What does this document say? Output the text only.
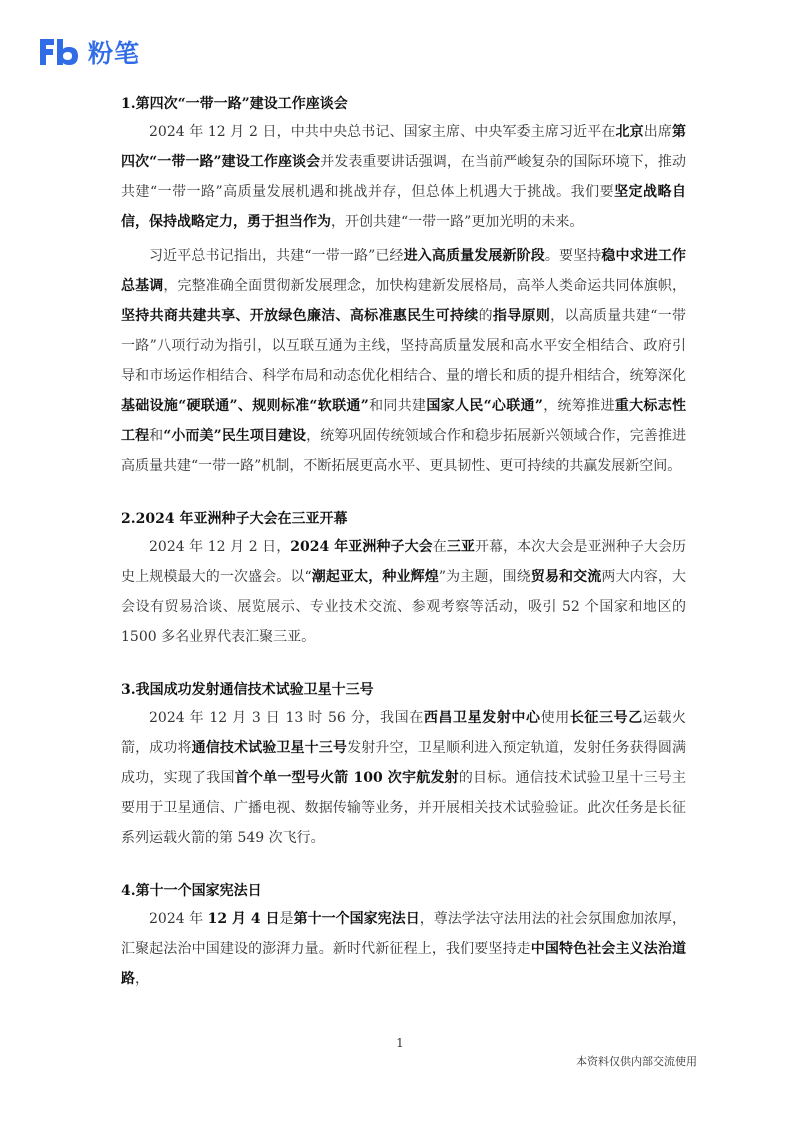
粉笔
1.第四次“一带一路”建设工作座谈会

2024 年 12 月 2 日，中共中央总书记、国家主席、中央军委主席习近平在北京出席第四次“一带一路”建设工作座谈会并发表重要讲话强调，在当前严峻复杂的国际环境下，推动共建“一带一路”高质量发展机遇和挑战并存，但总体上机遇大于挑战。我们要坚定战略自信，保持战略定力，勇于担当作为，开创共建“一带一路”更加光明的未来。

习近平总书记指出，共建“一带一路”已经进入高质量发展新阶段。要坚持稳中求进工作总基调，完整准确全面贯彻新发展理念，加快构建新发展格局，高举人类命运共同体旗帜，坚持共商共建共享、开放绿色廉洁、高标准惠民生可持续的指导原则，以高质量共建“一带一路”八项行动为指引，以互联互通为主线，坚持高质量发展和高水平安全相结合、政府引导和市场运作相结合、科学布局和动态优化相结合、量的增长和质的提升相结合，统筹深化基础设施“硬联通”、规则标准“软联通”和同共建国家人民“心联通”，统筹推进重大标志性工程和“小而美”民生项目建设，统筹巩固传统领域合作和稳步拓展新兴领域合作，完善推进高质量共建“一带一路”机制，不断拓展更高水平、更具韧性、更可持续的共赢发展新空间。

2.2024 年亚洲种子大会在三亚开幕

2024 年 12 月 2 日，2024 年亚洲种子大会在三亚开幕，本次大会是亚洲种子大会历史上规模最大的一次盛会。以“潮起亚太，种业辉煌”为主题，围绕贸易和交流两大内容，大会设有贸易洽谈、展览展示、专业技术交流、参观考察等活动，吸引 52 个国家和地区的 1500 多名业界代表汇聚三亚。

3.我国成功发射通信技术试验卫星十三号

2024 年 12 月 3 日 13 时 56 分，我国在西昌卫星发射中心使用长征三号乙运载火箭，成功将通信技术试验卫星十三号发射升空，卫星顺利进入预定轨道，发射任务获得圆满成功，实现了我国首个单一型号火箭 100 次宇航发射的目标。通信技术试验卫星十三号主要用于卫星通信、广播电视、数据传输等业务，并开展相关技术试验验证。此次任务是长征系列运载火箭的第 549 次飞行。

4.第十一个国家宪法日

2024 年 12 月 4 日是第十一个国家宪法日，尊法学法守法用法的社会氛围愈加浓厚，汇聚起法治中国建设的澎湃力量。新时代新征程上，我们要坚持走中国特色社会主义法治道路，

1
本资料仅供内部交流使用
